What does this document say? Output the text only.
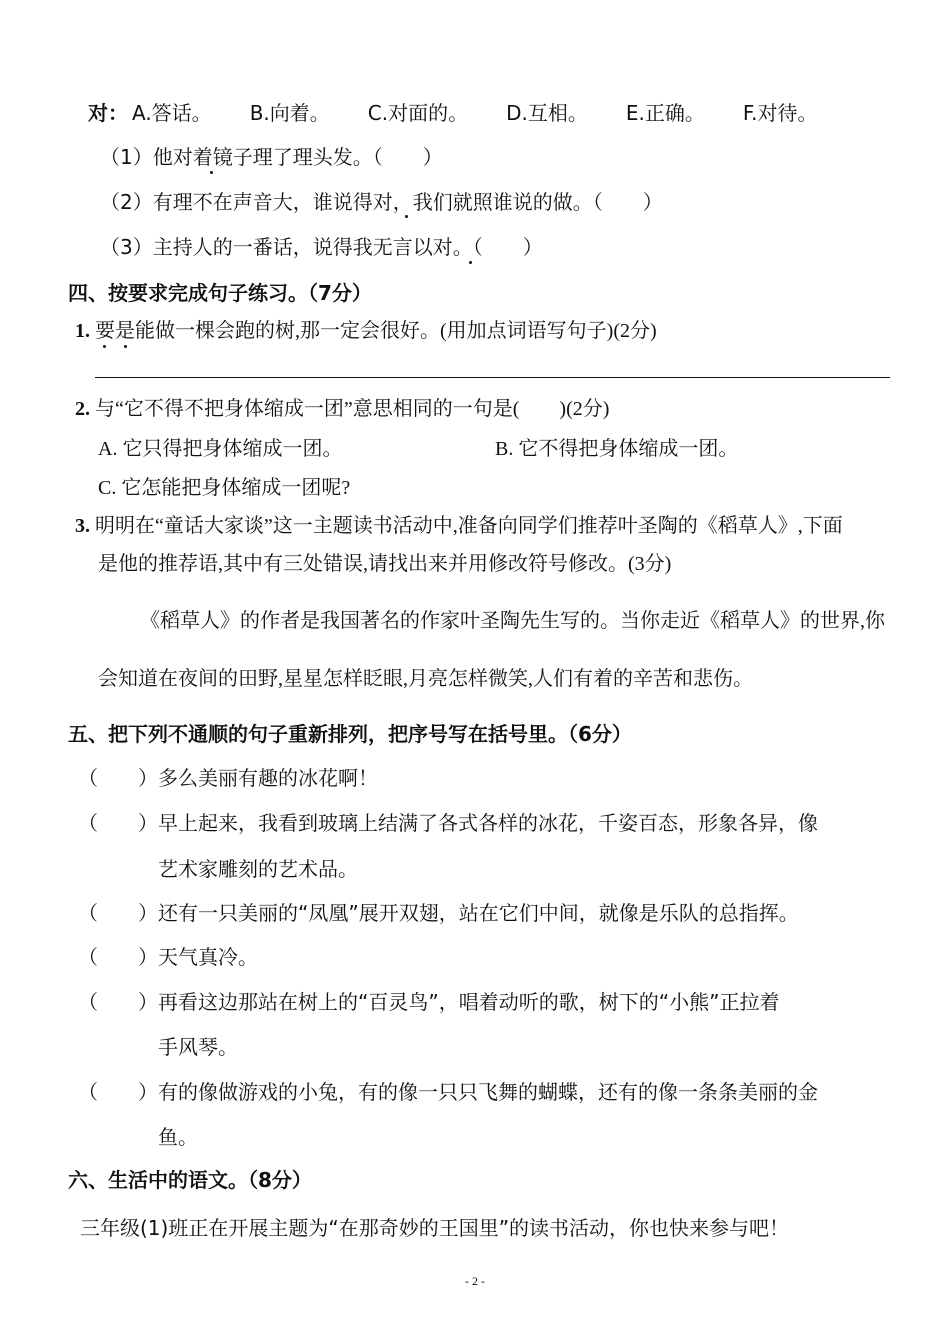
对： A.答话。 B.向着。 C.对面的。 D.互相。 E.正确。 F.对待。
（1）他对着镜子理了理头发。（　　）
（2）有理不在声音大，谁说得对，我们就照谁说的做。（　　）
（3）主持人的一番话，说得我无言以对。（　　）
四、按要求完成句子练习。（7分）
1. 要是能做一棵会跑的树,那一定会很好。(用加点词语写句子)(2分)
2. 与“它不得不把身体缩成一团”意思相同的一句是(　　)(2分)
A. 它只得把身体缩成一团。	B. 它不得把身体缩成一团。
C. 它怎能把身体缩成一团呢?
3. 明明在“童话大家谈”这一主题读书活动中,准备向同学们推荐叶圣陶的《稻草人》,下面
是他的推荐语,其中有三处错误,请找出来并用修改符号修改。(3分)
《稻草人》的作者是我国著名的作家叶圣陶先生写的。当你走近《稻草人》的世界,你
会知道在夜间的田野,星星怎样眨眼,月亮怎样微笑,人们有着的辛苦和悲伤。
五、把下列不通顺的句子重新排列，把序号写在括号里。（6分）
（　　）多么美丽有趣的冰花啊！
（　　）早上起来，我看到玻璃上结满了各式各样的冰花，千姿百态，形象各异，像
艺术家雕刻的艺术品。
（　　）还有一只美丽的“凤凰”展开双翅，站在它们中间，就像是乐队的总指挥。
（　　）天气真冷。
（　　）再看这边那站在树上的“百灵鸟”，唱着动听的歌，树下的“小熊”正拉着
手风琴。
（　　）有的像做游戏的小兔，有的像一只只飞舞的蝴蝶，还有的像一条条美丽的金
鱼。
六、生活中的语文。（8分）
三年级(1)班正在开展主题为“在那奇妙的王国里”的读书活动，你也快来参与吧！
- 2 -
